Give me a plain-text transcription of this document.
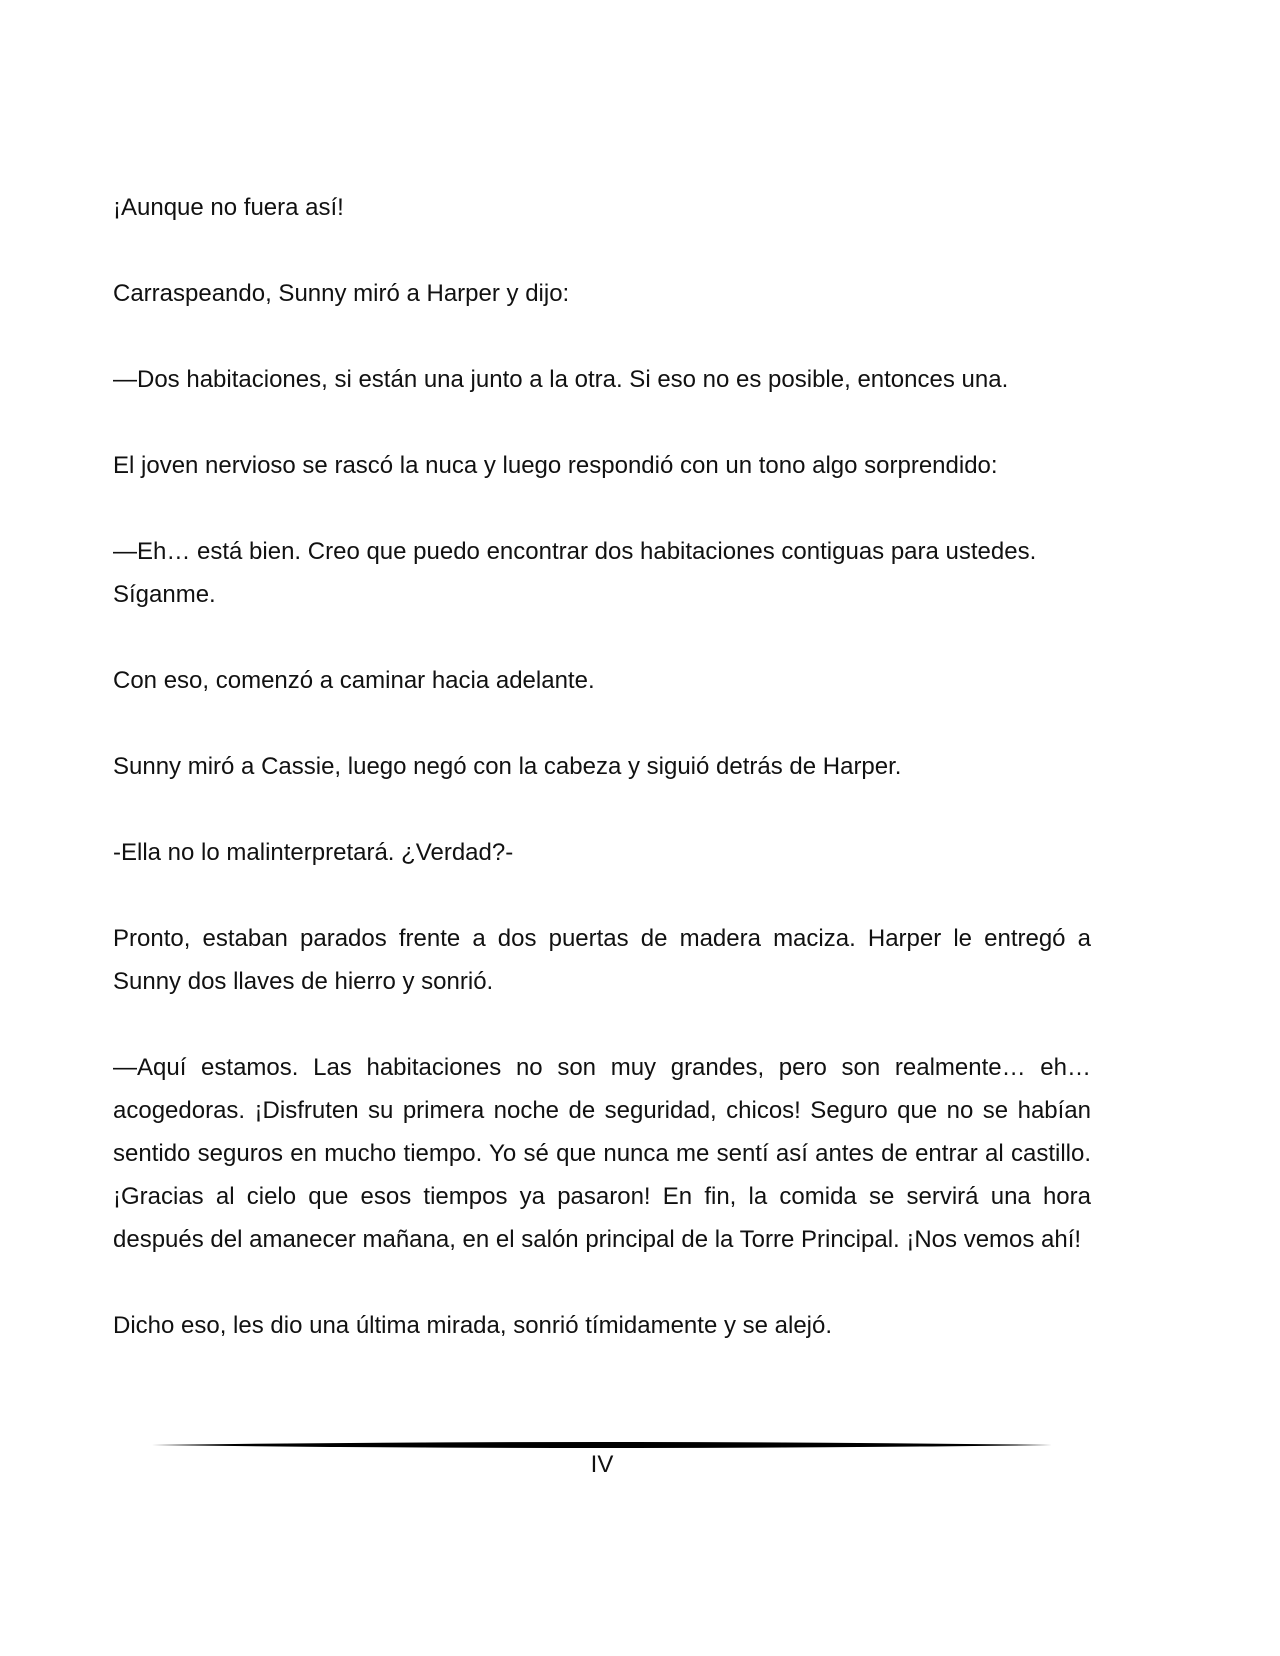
¡Aunque no fuera así!

Carraspeando, Sunny miró a Harper y dijo:

—Dos habitaciones, si están una junto a la otra. Si eso no es posible, entonces una.

El joven nervioso se rascó la nuca y luego respondió con un tono algo sorprendido:

—Eh… está bien. Creo que puedo encontrar dos habitaciones contiguas para ustedes. Síganme.

Con eso, comenzó a caminar hacia adelante.

Sunny miró a Cassie, luego negó con la cabeza y siguió detrás de Harper.

-Ella no lo malinterpretará. ¿Verdad?-

Pronto, estaban parados frente a dos puertas de madera maciza. Harper le entregó a Sunny dos llaves de hierro y sonrió.

—Aquí estamos. Las habitaciones no son muy grandes, pero son realmente… eh… acogedoras. ¡Disfruten su primera noche de seguridad, chicos! Seguro que no se habían sentido seguros en mucho tiempo. Yo sé que nunca me sentí así antes de entrar al castillo. ¡Gracias al cielo que esos tiempos ya pasaron! En fin, la comida se servirá una hora después del amanecer mañana, en el salón principal de la Torre Principal. ¡Nos vemos ahí!

Dicho eso, les dio una última mirada, sonrió tímidamente y se alejó.

IV
